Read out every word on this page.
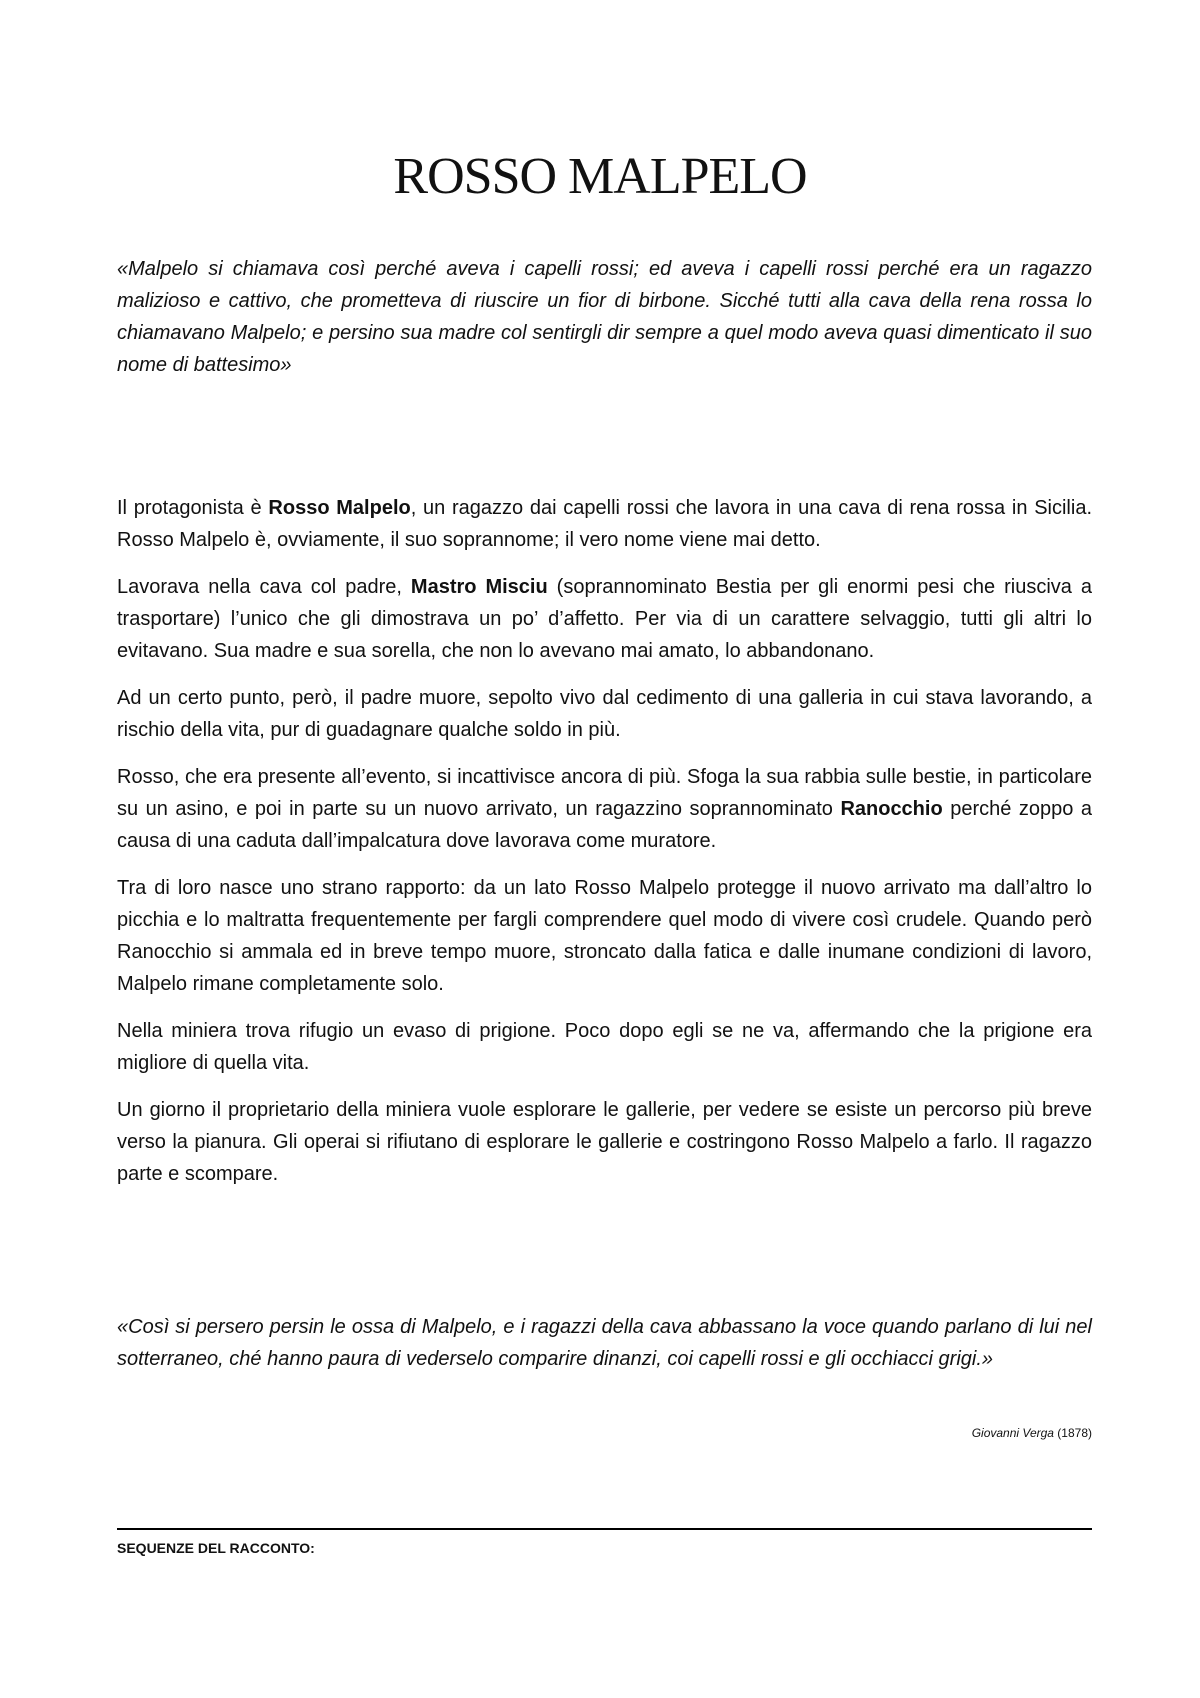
ROSSO MALPELO

«Malpelo si chiamava così perché aveva i capelli rossi; ed aveva i capelli rossi perché era un ragazzo malizioso e cattivo, che prometteva di riuscire un fior di birbone. Sicché tutti alla cava della rena rossa lo chiamavano Malpelo; e persino sua madre col sentirgli dir sempre a quel modo aveva quasi dimenticato il suo nome di battesimo»

Il protagonista è Rosso Malpelo, un ragazzo dai capelli rossi che lavora in una cava di rena rossa in Sicilia. Rosso Malpelo è, ovviamente, il suo soprannome; il vero nome viene mai detto.

Lavorava nella cava col padre, Mastro Misciu (soprannominato Bestia per gli enormi pesi che riusciva a trasportare) l’unico che gli dimostrava un po’ d’affetto. Per via di un carattere selvaggio, tutti gli altri lo evitavano. Sua madre e sua sorella, che non lo avevano mai amato, lo abbandonano.

Ad un certo punto, però, il padre muore, sepolto vivo dal cedimento di una galleria in cui stava lavorando, a rischio della vita, pur di guadagnare qualche soldo in più.

Rosso, che era presente all’evento, si incattivisce ancora di più. Sfoga la sua rabbia sulle bestie, in particolare su un asino, e poi in parte su un nuovo arrivato, un ragazzino soprannominato Ranocchio perché zoppo a causa di una caduta dall’impalcatura dove lavorava come muratore.

Tra di loro nasce uno strano rapporto: da un lato Rosso Malpelo protegge il nuovo arrivato ma dall’altro lo picchia e lo maltratta frequentemente per fargli comprendere quel modo di vivere così crudele. Quando però Ranocchio si ammala ed in breve tempo muore, stroncato dalla fatica e dalle inumane condizioni di lavoro, Malpelo rimane completamente solo.

Nella miniera trova rifugio un evaso di prigione. Poco dopo egli se ne va, affermando che la prigione era migliore di quella vita.

Un giorno il proprietario della miniera vuole esplorare le gallerie, per vedere se esiste un percorso più breve verso la pianura. Gli operai si rifiutano di esplorare le gallerie e costringono Rosso Malpelo a farlo. Il ragazzo parte e scompare.

«Così si persero persin le ossa di Malpelo, e i ragazzi della cava abbassano la voce quando parlano di lui nel sotterraneo, ché hanno paura di vederselo comparire dinanzi, coi capelli rossi e gli occhiacci grigi.»

Giovanni Verga (1878)
SEQUENZE DEL RACCONTO:
